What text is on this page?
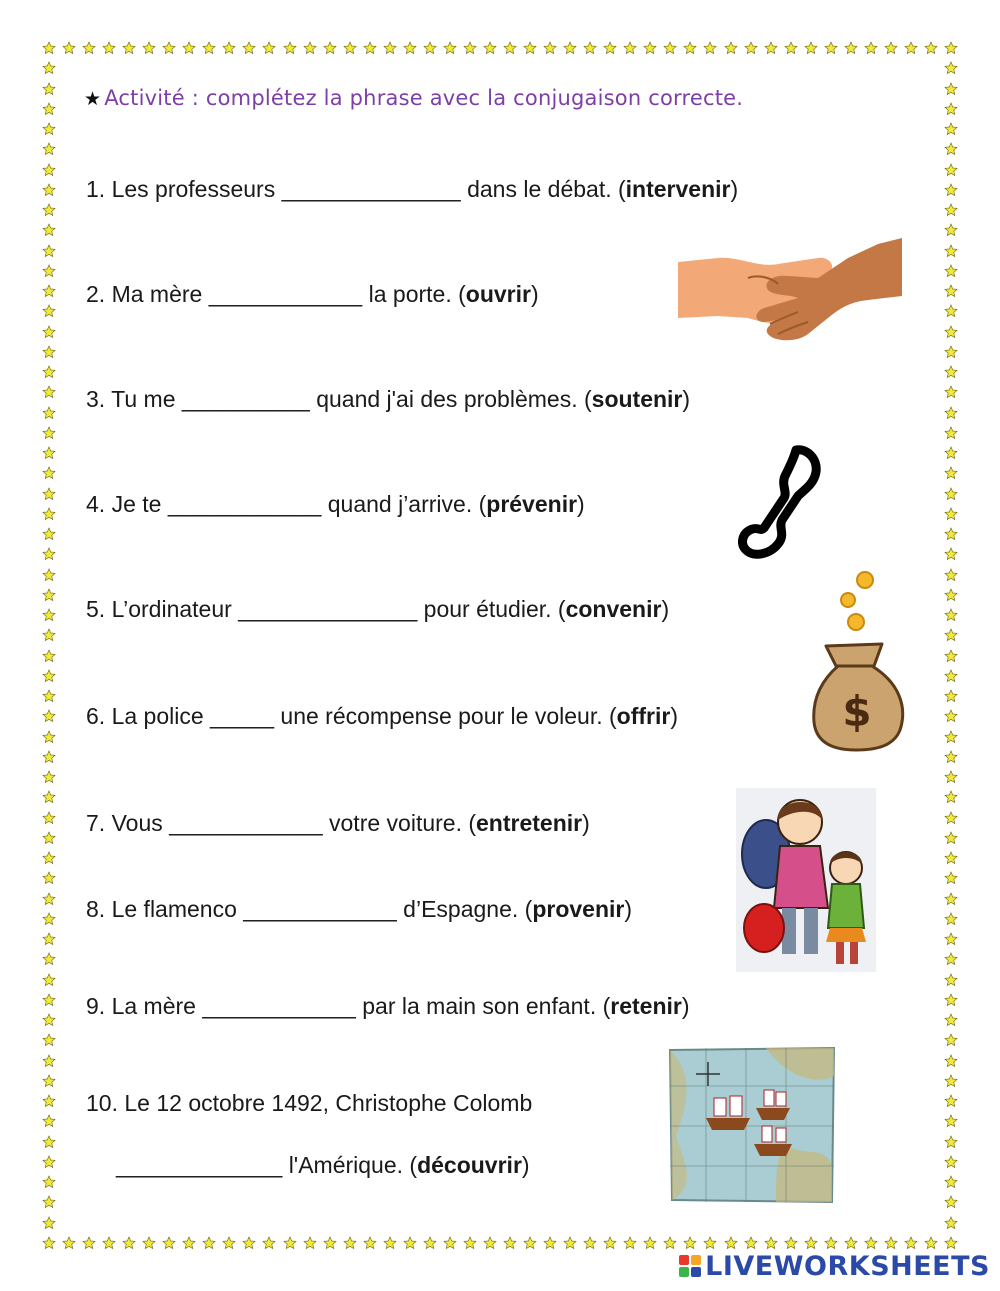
★ Activité : complétez la phrase avec la conjugaison correcte.
1. Les professeurs ______________ dans le débat. (intervenir)
2. Ma mère ____________ la porte. (ouvrir)
3. Tu me __________ quand j'ai des problèmes. (soutenir)
4. Je te ____________ quand j’arrive. (prévenir)
5. L’ordinateur ______________ pour étudier. (convenir)
6. La police _____ une récompense pour le voleur. (offrir)
7. Vous ____________ votre voiture. (entretenir)
8. Le flamenco ____________ d’Espagne. (provenir)
9. La mère ____________ par la main son enfant. (retenir)
10. Le 12 octobre 1492, Christophe Colomb
_____________ l'Amérique. (découvrir)
$
LIVEWORKSHEETS
